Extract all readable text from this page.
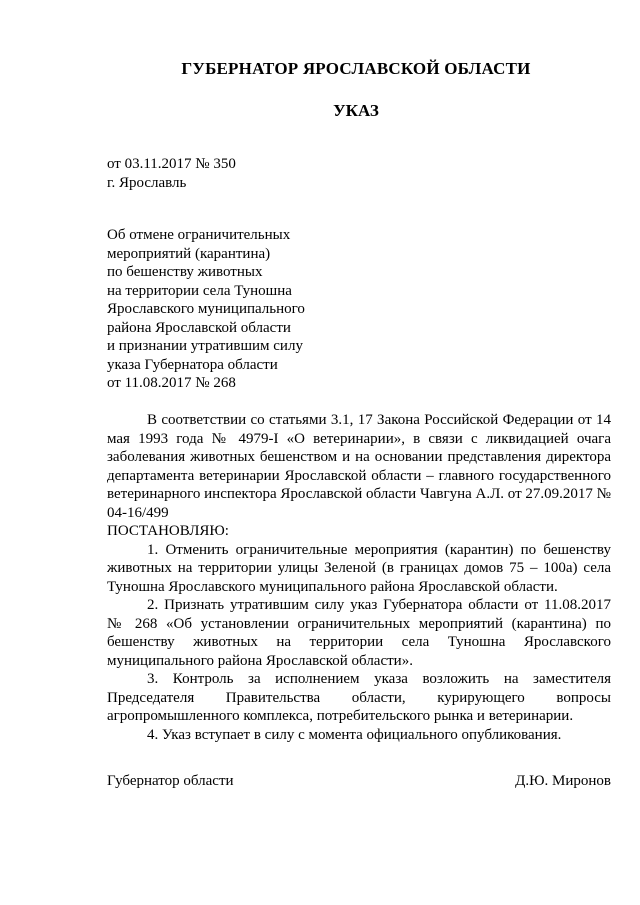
ГУБЕРНАТОР ЯРОСЛАВСКОЙ ОБЛАСТИ
УКАЗ
от 03.11.2017 № 350
г. Ярославль
Об отмене ограничительных
мероприятий (карантина)
по бешенству животных
на территории села Туношна
Ярославского муниципального
района Ярославской области
и признании утратившим силу
указа Губернатора области
от 11.08.2017 № 268

В соответствии со статьями 3.1, 17 Закона Российской Федерации от 14 мая 1993 года № 4979-I «О ветеринарии», в связи с ликвидацией очага заболевания животных бешенством и на основании представления директора департамента ветеринарии Ярославской области – главного государственного ветеринарного инспектора Ярославской области Чавгуна А.Л. от 27.09.2017 № 04-16/499

ПОСТАНОВЛЯЮ:

1. Отменить ограничительные мероприятия (карантин) по бешенству животных на территории улицы Зеленой (в границах домов 75 – 100а) села Туношна Ярославского муниципального района Ярославской области.

2. Признать утратившим силу указ Губернатора области от 11.08.2017 № 268 «Об установлении ограничительных мероприятий (карантина) по бешенству животных на территории села Туношна Ярославского муниципального района Ярославской области».

3. Контроль за исполнением указа возложить на заместителя Председателя Правительства области, курирующего вопросы агропромышленного комплекса, потребительского рынка и ветеринарии.

4. Указ вступает в силу с момента официального опубликования.

Губернатор области	Д.Ю. Миронов
